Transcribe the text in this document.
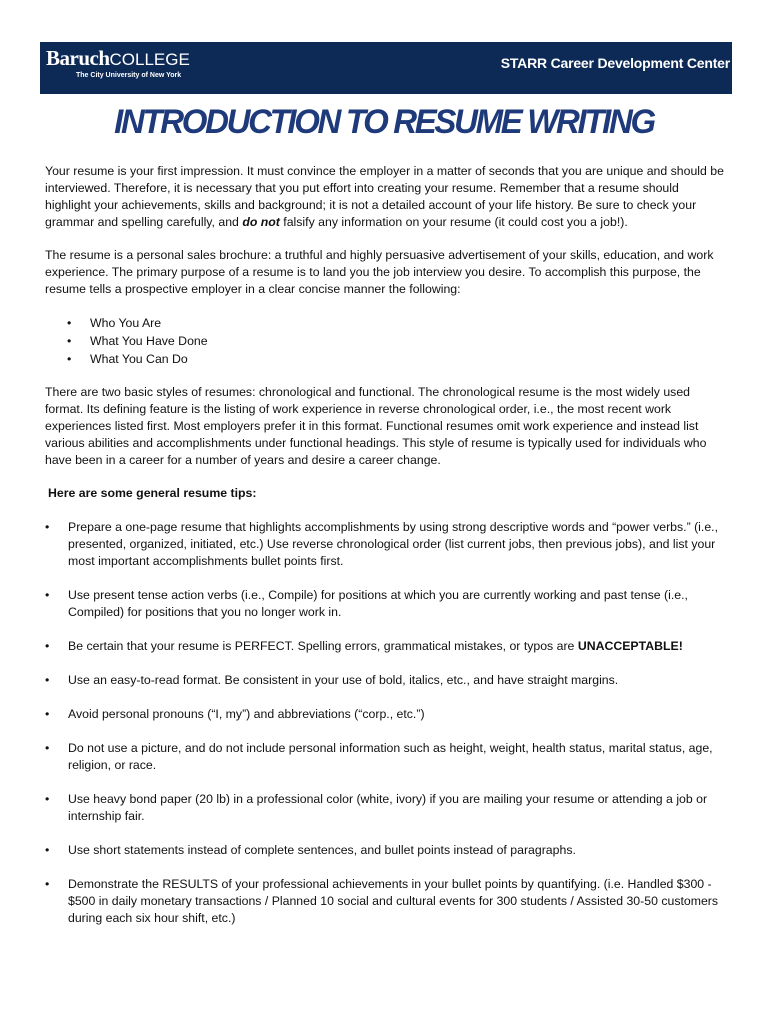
BaruchCOLLEGE
The City University of New York
STARR Career Development Center
INTRODUCTION TO RESUME WRITING

Your resume is your first impression. It must convince the employer in a matter of seconds that you are unique and should be interviewed. Therefore, it is necessary that you put effort into creating your resume. Remember that a resume should highlight your achievements, skills and background; it is not a detailed account of your life history. Be sure to check your grammar and spelling carefully, and do not falsify any information on your resume (it could cost you a job!).

The resume is a personal sales brochure: a truthful and highly persuasive advertisement of your skills, education, and work experience. The primary purpose of a resume is to land you the job interview you desire. To accomplish this purpose, the resume tells a prospective employer in a clear concise manner the following:

• Who You Are
• What You Have Done
• What You Can Do

There are two basic styles of resumes: chronological and functional. The chronological resume is the most widely used format. Its defining feature is the listing of work experience in reverse chronological order, i.e., the most recent work experiences listed first. Most employers prefer it in this format. Functional resumes omit work experience and instead list various abilities and accomplishments under functional headings. This style of resume is typically used for individuals who have been in a career for a number of years and desire a career change.

Here are some general resume tips:
• Prepare a one-page resume that highlights accomplishments by using strong descriptive words and “power verbs.” (i.e., presented, organized, initiated, etc.) Use reverse chronological order (list current jobs, then previous jobs), and list your most important accomplishments bullet points first.
• Use present tense action verbs (i.e., Compile) for positions at which you are currently working and past tense (i.e., Compiled) for positions that you no longer work in.
• Be certain that your resume is PERFECT. Spelling errors, grammatical mistakes, or typos are UNACCEPTABLE!
• Use an easy-to-read format. Be consistent in your use of bold, italics, etc., and have straight margins.
• Avoid personal pronouns (“I, my”) and abbreviations (“corp., etc.”)
• Do not use a picture, and do not include personal information such as height, weight, health status, marital status, age, religion, or race.
• Use heavy bond paper (20 lb) in a professional color (white, ivory) if you are mailing your resume or attending a job or internship fair.
• Use short statements instead of complete sentences, and bullet points instead of paragraphs.
• Demonstrate the RESULTS of your professional achievements in your bullet points by quantifying. (i.e. Handled $300 - $500 in daily monetary transactions / Planned 10 social and cultural events for 300 students / Assisted 30-50 customers during each six hour shift, etc.)
